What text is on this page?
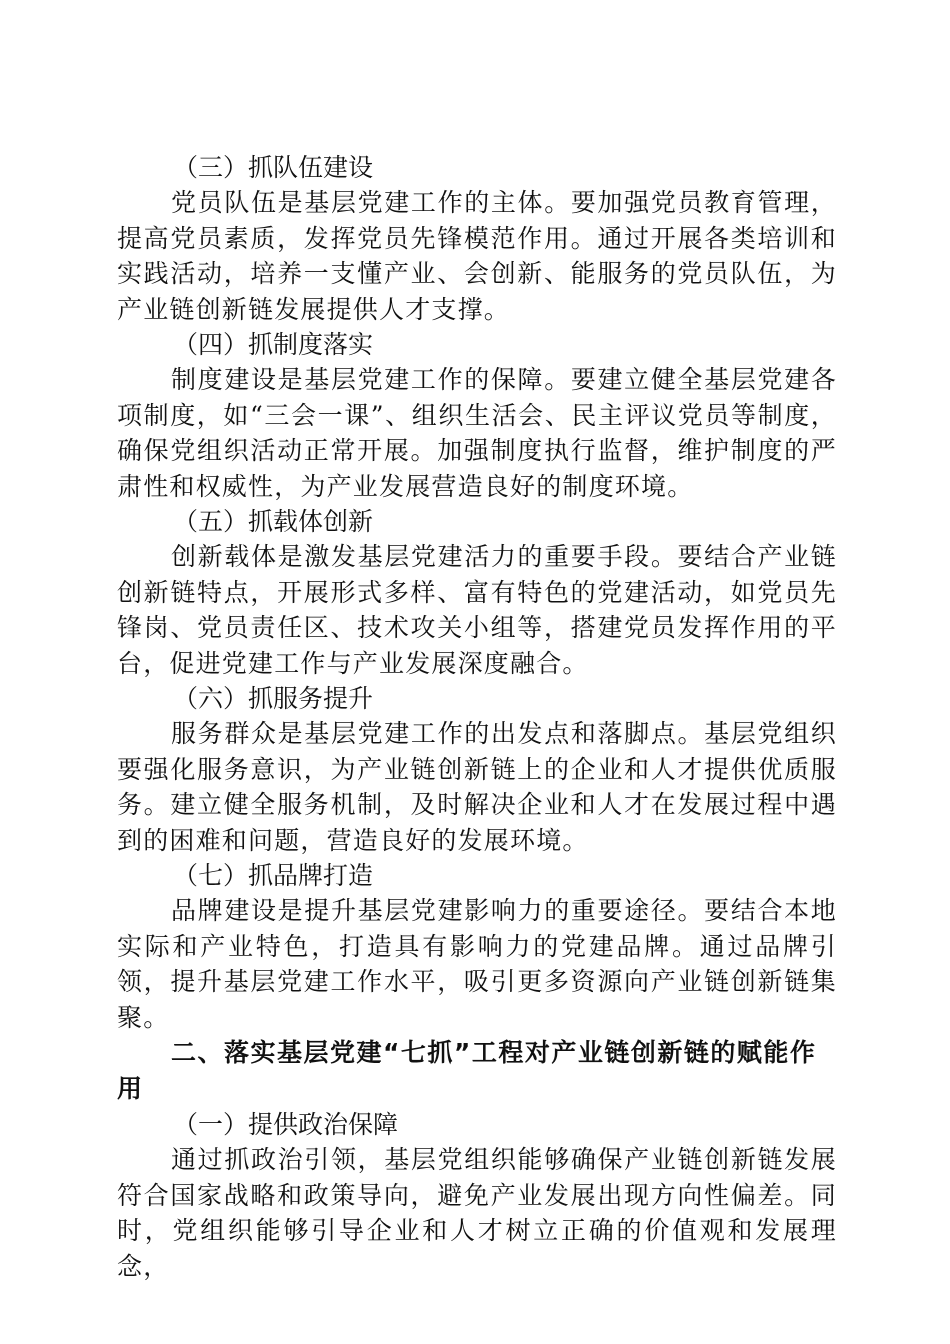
（三）抓队伍建设

党员队伍是基层党建工作的主体。要加强党员教育管理，提高党员素质，发挥党员先锋模范作用。通过开展各类培训和实践活动，培养一支懂产业、会创新、能服务的党员队伍，为产业链创新链发展提供人才支撑。

（四）抓制度落实

制度建设是基层党建工作的保障。要建立健全基层党建各项制度，如“三会一课”、组织生活会、民主评议党员等制度，确保党组织活动正常开展。加强制度执行监督，维护制度的严肃性和权威性，为产业发展营造良好的制度环境。

（五）抓载体创新

创新载体是激发基层党建活力的重要手段。要结合产业链创新链特点，开展形式多样、富有特色的党建活动，如党员先锋岗、党员责任区、技术攻关小组等，搭建党员发挥作用的平台，促进党建工作与产业发展深度融合。

（六）抓服务提升

服务群众是基层党建工作的出发点和落脚点。基层党组织要强化服务意识，为产业链创新链上的企业和人才提供优质服务。建立健全服务机制，及时解决企业和人才在发展过程中遇到的困难和问题，营造良好的发展环境。

（七）抓品牌打造

品牌建设是提升基层党建影响力的重要途径。要结合本地实际和产业特色，打造具有影响力的党建品牌。通过品牌引领，提升基层党建工作水平，吸引更多资源向产业链创新链集聚。

二、落实基层党建“七抓”工程对产业链创新链的赋能作用

（一）提供政治保障

通过抓政治引领，基层党组织能够确保产业链创新链发展符合国家战略和政策导向，避免产业发展出现方向性偏差。同时，党组织能够引导企业和人才树立正确的价值观和发展理念，
